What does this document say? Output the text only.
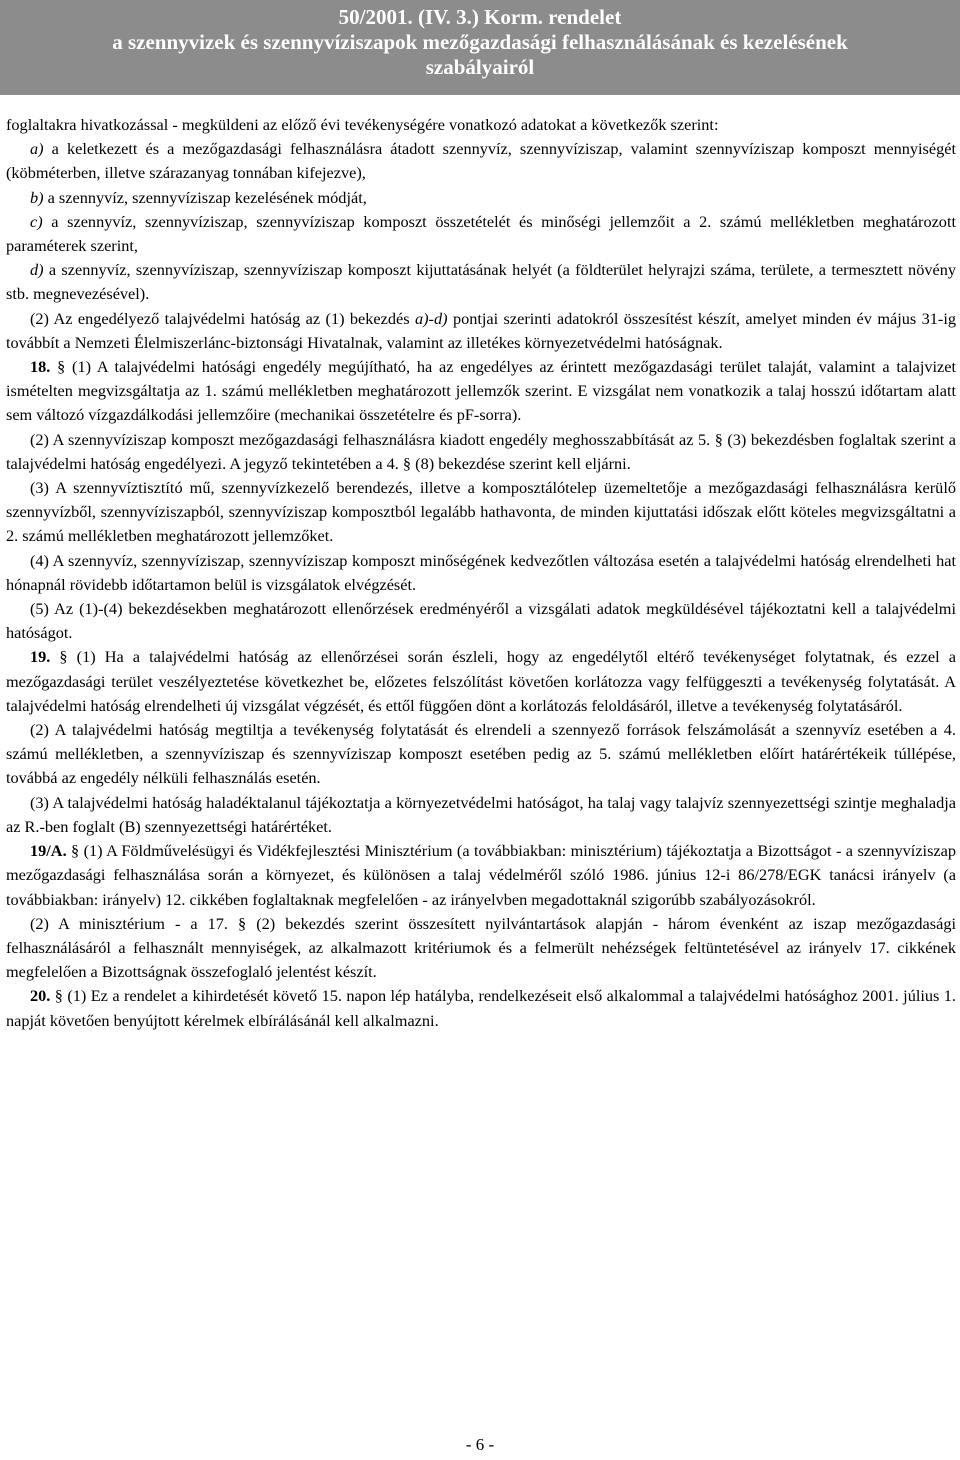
50/2001. (IV. 3.) Korm. rendelet
a szennyvizek és szennyvíziszapok mezőgazdasági felhasználásának és kezelésének
szabályairól

foglaltakra hivatkozással - megküldeni az előző évi tevékenységére vonatkozó adatokat a következők szerint:

a) a keletkezett és a mezőgazdasági felhasználásra átadott szennyvíz, szennyvíziszap, valamint szennyvíziszap komposzt mennyiségét (köbméterben, illetve szárazanyag tonnában kifejezve),

b) a szennyvíz, szennyvíziszap kezelésének módját,

c) a szennyvíz, szennyvíziszap, szennyvíziszap komposzt összetételét és minőségi jellemzőit a 2. számú mellékletben meghatározott paraméterek szerint,

d) a szennyvíz, szennyvíziszap, szennyvíziszap komposzt kijuttatásának helyét (a földterület helyrajzi száma, területe, a termesztett növény stb. megnevezésével).

(2) Az engedélyező talajvédelmi hatóság az (1) bekezdés a)-d) pontjai szerinti adatokról összesítést készít, amelyet minden év május 31-ig továbbít a Nemzeti Élelmiszerlánc-biztonsági Hivatalnak, valamint az illetékes környezetvédelmi hatóságnak.

18. § (1) A talajvédelmi hatósági engedély megújítható, ha az engedélyes az érintett mezőgazdasági terület talaját, valamint a talajvizet ismételten megvizsgáltatja az 1. számú mellékletben meghatározott jellemzők szerint. E vizsgálat nem vonatkozik a talaj hosszú időtartam alatt sem változó vízgazdálkodási jellemzőire (mechanikai összetételre és pF-sorra).

(2) A szennyvíziszap komposzt mezőgazdasági felhasználásra kiadott engedély meghosszabbítását az 5. § (3) bekezdésben foglaltak szerint a talajvédelmi hatóság engedélyezi. A jegyző tekintetében a 4. § (8) bekezdése szerint kell eljárni.

(3) A szennyvíztisztító mű, szennyvízkezelő berendezés, illetve a komposztálótelep üzemeltetője a mezőgazdasági felhasználásra kerülő szennyvízből, szennyvíziszapból, szennyvíziszap komposztból legalább hathavonta, de minden kijuttatási időszak előtt köteles megvizsgáltatni a 2. számú mellékletben meghatározott jellemzőket.

(4) A szennyvíz, szennyvíziszap, szennyvíziszap komposzt minőségének kedvezőtlen változása esetén a talajvédelmi hatóság elrendelheti hat hónapnál rövidebb időtartamon belül is vizsgálatok elvégzését.

(5) Az (1)-(4) bekezdésekben meghatározott ellenőrzések eredményéről a vizsgálati adatok megküldésével tájékoztatni kell a talajvédelmi hatóságot.

19. § (1) Ha a talajvédelmi hatóság az ellenőrzései során észleli, hogy az engedélytől eltérő tevékenységet folytatnak, és ezzel a mezőgazdasági terület veszélyeztetése következhet be, előzetes felszólítást követően korlátozza vagy felfüggeszti a tevékenység folytatását. A talajvédelmi hatóság elrendelheti új vizsgálat végzését, és ettől függően dönt a korlátozás feloldásáról, illetve a tevékenység folytatásáról.

(2) A talajvédelmi hatóság megtiltja a tevékenység folytatását és elrendeli a szennyező források felszámolását a szennyvíz esetében a 4. számú mellékletben, a szennyvíziszap és szennyvíziszap komposzt esetében pedig az 5. számú mellékletben előírt határértékeik túllépése, továbbá az engedély nélküli felhasználás esetén.

(3) A talajvédelmi hatóság haladéktalanul tájékoztatja a környezetvédelmi hatóságot, ha talaj vagy talajvíz szennyezettségi szintje meghaladja az R.-ben foglalt (B) szennyezettségi határértéket.

19/A. § (1) A Földművelésügyi és Vidékfejlesztési Minisztérium (a továbbiakban: minisztérium) tájékoztatja a Bizottságot - a szennyvíziszap mezőgazdasági felhasználása során a környezet, és különösen a talaj védelméről szóló 1986. június 12-i 86/278/EGK tanácsi irányelv (a továbbiakban: irányelv) 12. cikkében foglaltaknak megfelelően - az irányelvben megadottaknál szigorúbb szabályozásokról.

(2) A minisztérium - a 17. § (2) bekezdés szerint összesített nyilvántartások alapján - három évenként az iszap mezőgazdasági felhasználásáról a felhasznált mennyiségek, az alkalmazott kritériumok és a felmerült nehézségek feltüntetésével az irányelv 17. cikkének megfelelően a Bizottságnak összefoglaló jelentést készít.

20. § (1) Ez a rendelet a kihirdetését követő 15. napon lép hatályba, rendelkezéseit első alkalommal a talajvédelmi hatósághoz 2001. július 1. napját követően benyújtott kérelmek elbírálásánál kell alkalmazni.

- 6 -
